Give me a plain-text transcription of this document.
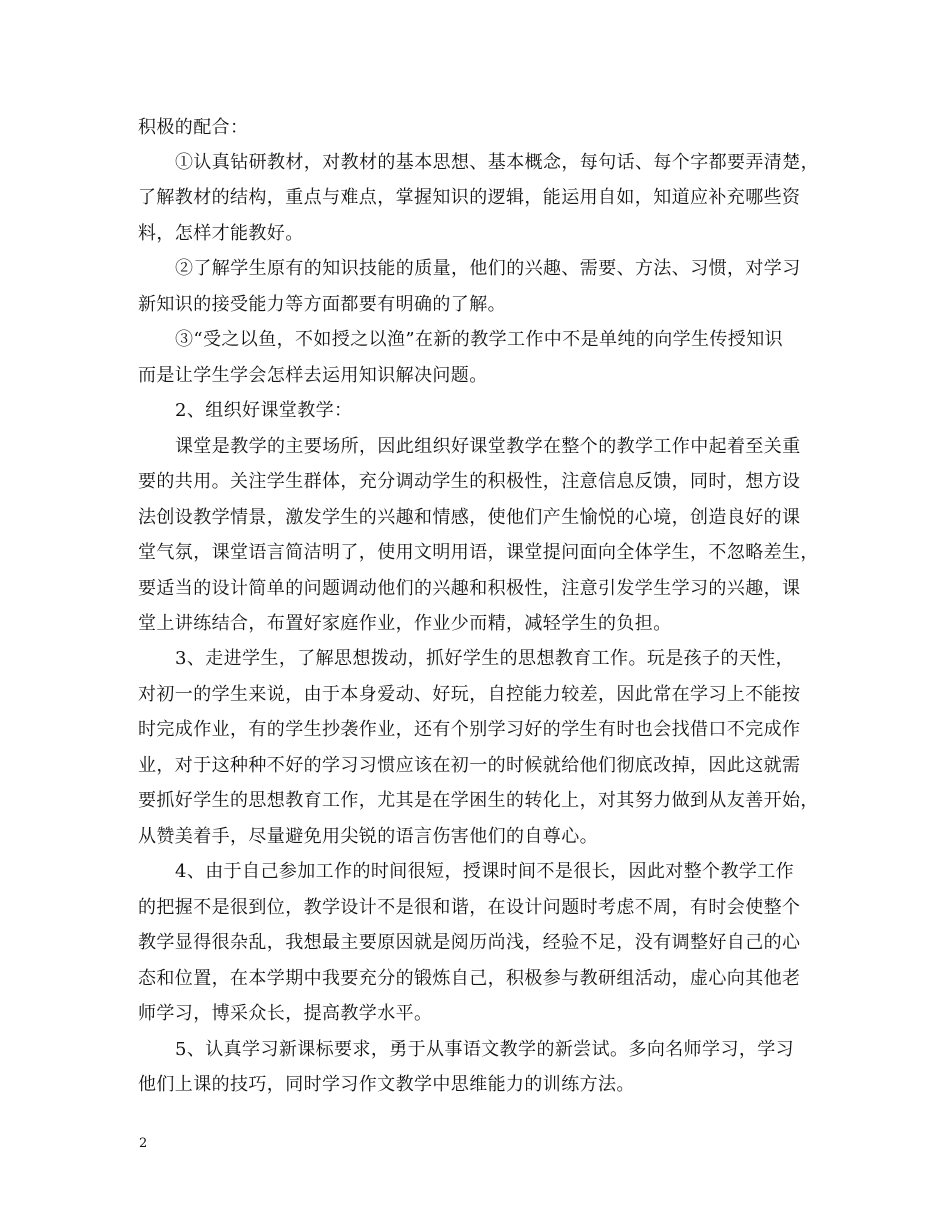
积极的配合：
①认真钻研教材，对教材的基本思想、基本概念，每句话、每个字都要弄清楚，
了解教材的结构，重点与难点，掌握知识的逻辑，能运用自如，知道应补充哪些资
料，怎样才能教好。
②了解学生原有的知识技能的质量，他们的兴趣、需要、方法、习惯，对学习
新知识的接受能力等方面都要有明确的了解。
③“受之以鱼，不如授之以渔”在新的教学工作中不是单纯的向学生传授知识
而是让学生学会怎样去运用知识解决问题。
2、组织好课堂教学：
课堂是教学的主要场所，因此组织好课堂教学在整个的教学工作中起着至关重
要的共用。关注学生群体，充分调动学生的积极性，注意信息反馈，同时，想方设
法创设教学情景，激发学生的兴趣和情感，使他们产生愉悦的心境，创造良好的课
堂气氛，课堂语言简洁明了，使用文明用语，课堂提问面向全体学生，不忽略差生，
要适当的设计简单的问题调动他们的兴趣和积极性，注意引发学生学习的兴趣，课
堂上讲练结合，布置好家庭作业，作业少而精，减轻学生的负担。
3、走进学生，了解思想拨动，抓好学生的思想教育工作。玩是孩子的天性，
对初一的学生来说，由于本身爱动、好玩，自控能力较差，因此常在学习上不能按
时完成作业，有的学生抄袭作业，还有个别学习好的学生有时也会找借口不完成作
业，对于这种种不好的学习习惯应该在初一的时候就给他们彻底改掉，因此这就需
要抓好学生的思想教育工作，尤其是在学困生的转化上，对其努力做到从友善开始，
从赞美着手，尽量避免用尖锐的语言伤害他们的自尊心。
4、由于自己参加工作的时间很短，授课时间不是很长，因此对整个教学工作
的把握不是很到位，教学设计不是很和谐，在设计问题时考虑不周，有时会使整个
教学显得很杂乱，我想最主要原因就是阅历尚浅，经验不足，没有调整好自己的心
态和位置，在本学期中我要充分的锻炼自己，积极参与教研组活动，虚心向其他老
师学习，博采众长，提高教学水平。
5、认真学习新课标要求，勇于从事语文教学的新尝试。多向名师学习，学习
他们上课的技巧，同时学习作文教学中思维能力的训练方法。
2
